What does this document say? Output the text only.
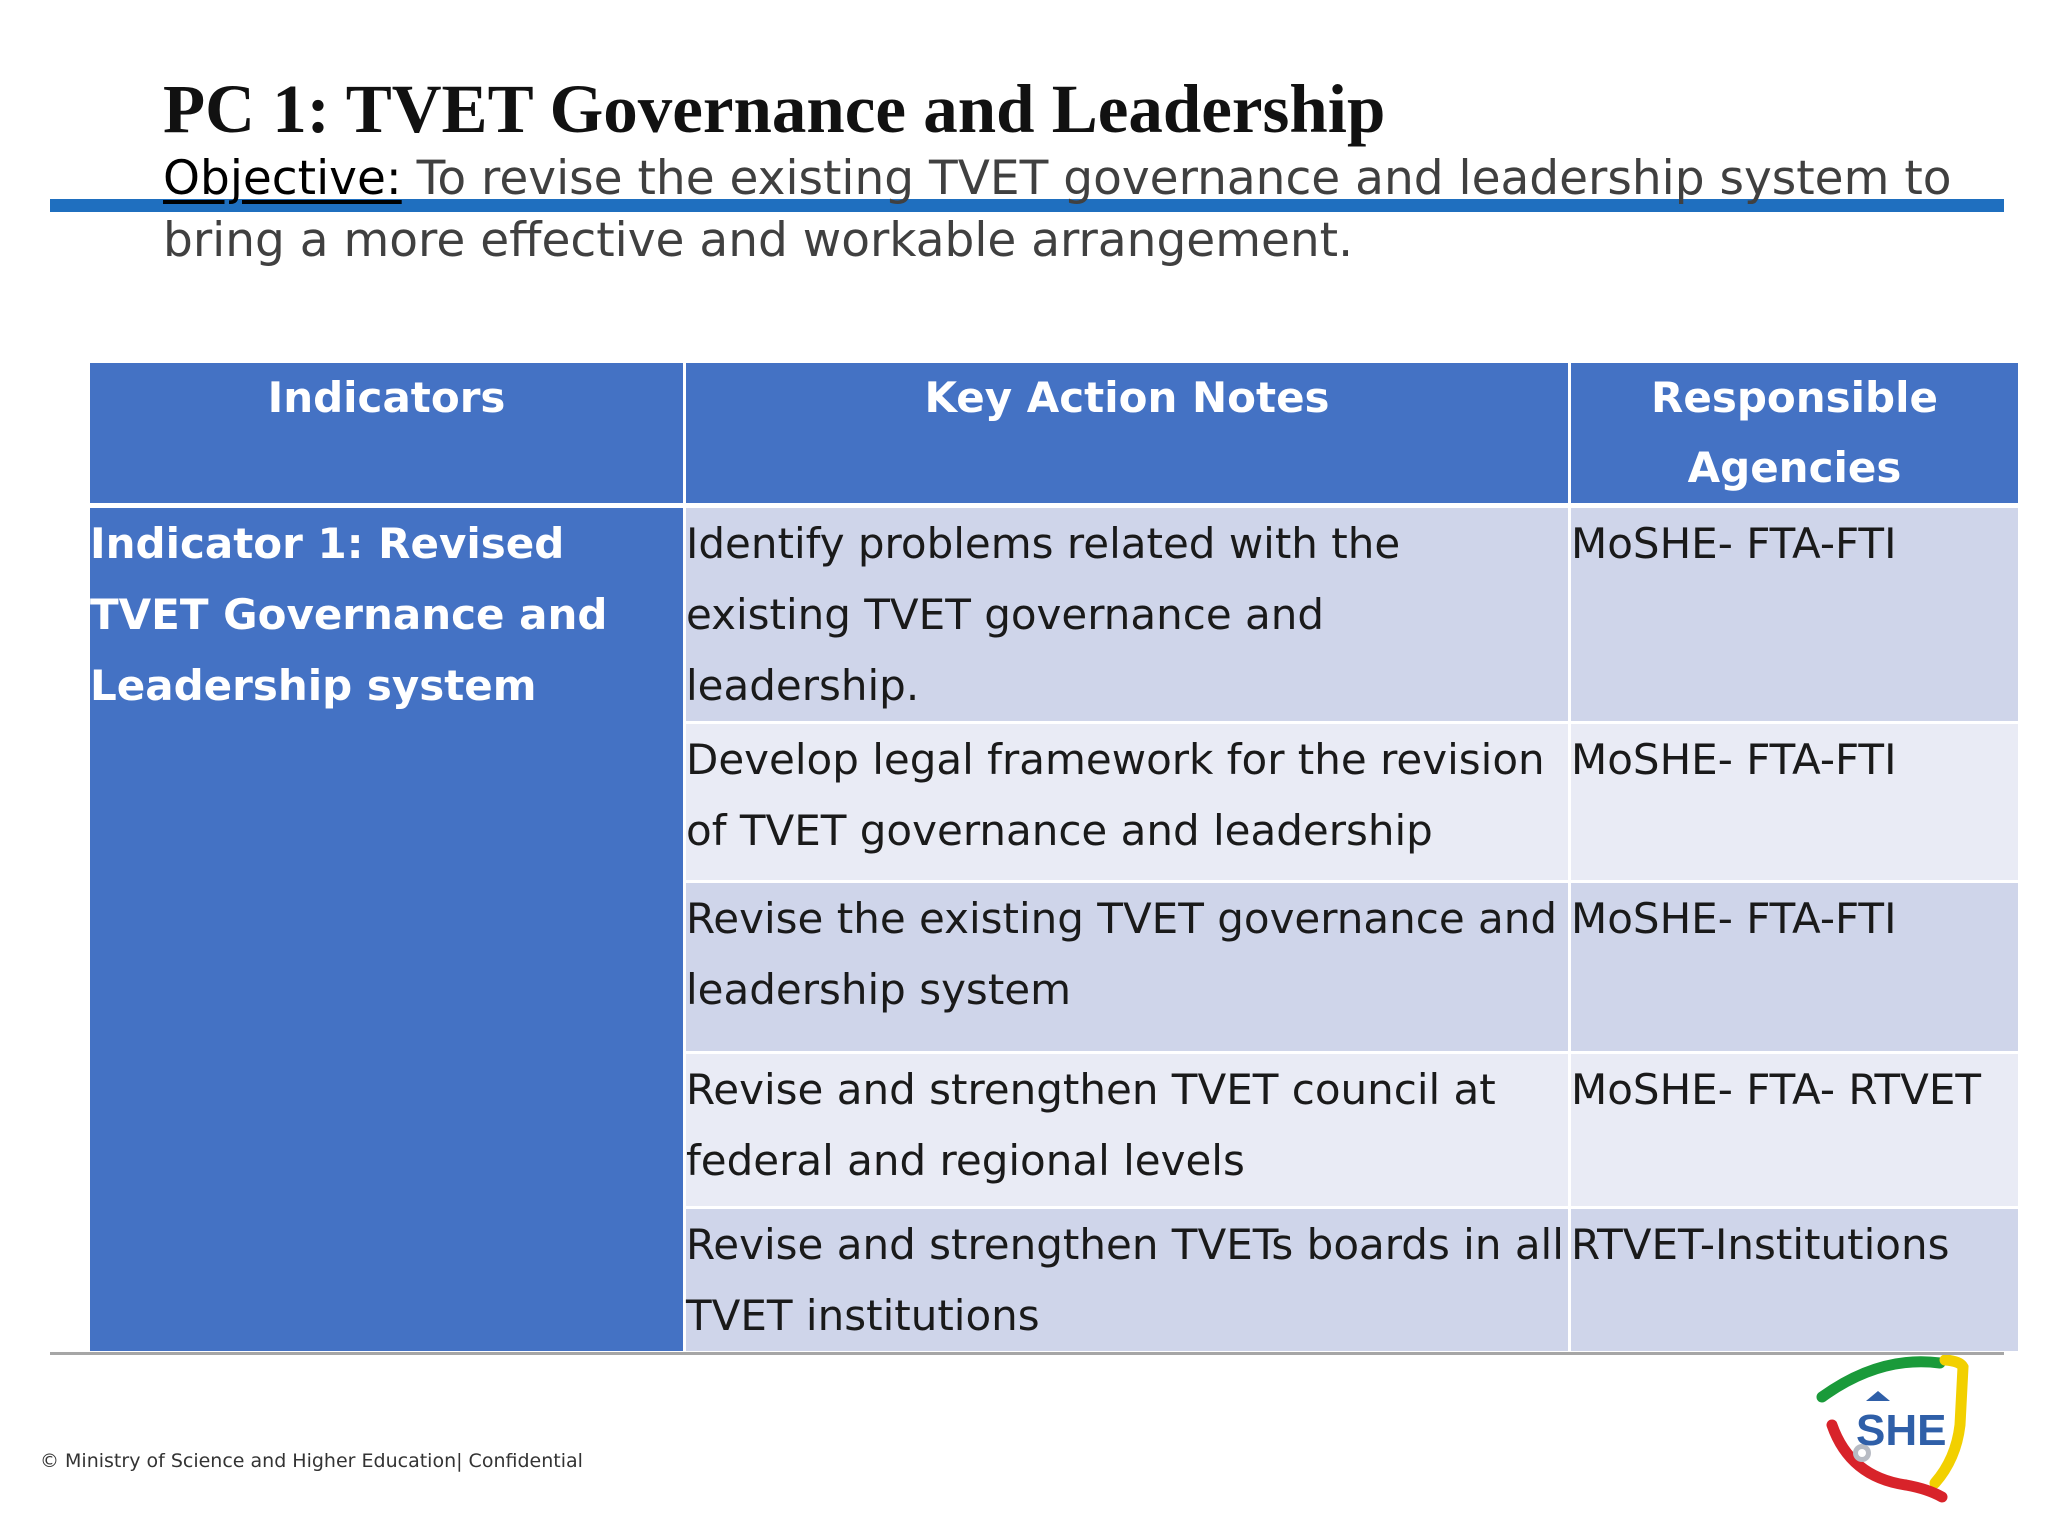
PC 1: TVET Governance and Leadership

Objective: To revise the existing TVET governance and leadership system to bring a more effective and workable arrangement.

Indicators	Key Action Notes	Responsible Agencies
Indicator 1: Revised TVET Governance and Leadership system	Identify problems related with the existing TVET governance and leadership.	MoSHE- FTA-FTI
	Develop legal framework for the revision of TVET governance and leadership	MoSHE- FTA-FTI
	Revise the existing TVET governance and leadership system	MoSHE- FTA-FTI
	Revise and strengthen TVET council at federal and regional levels	MoSHE- FTA- RTVET
	Revise and strengthen TVETs boards in all TVET institutions	RTVET-Institutions
© Ministry of Science and Higher Education| Confidential
SHE
